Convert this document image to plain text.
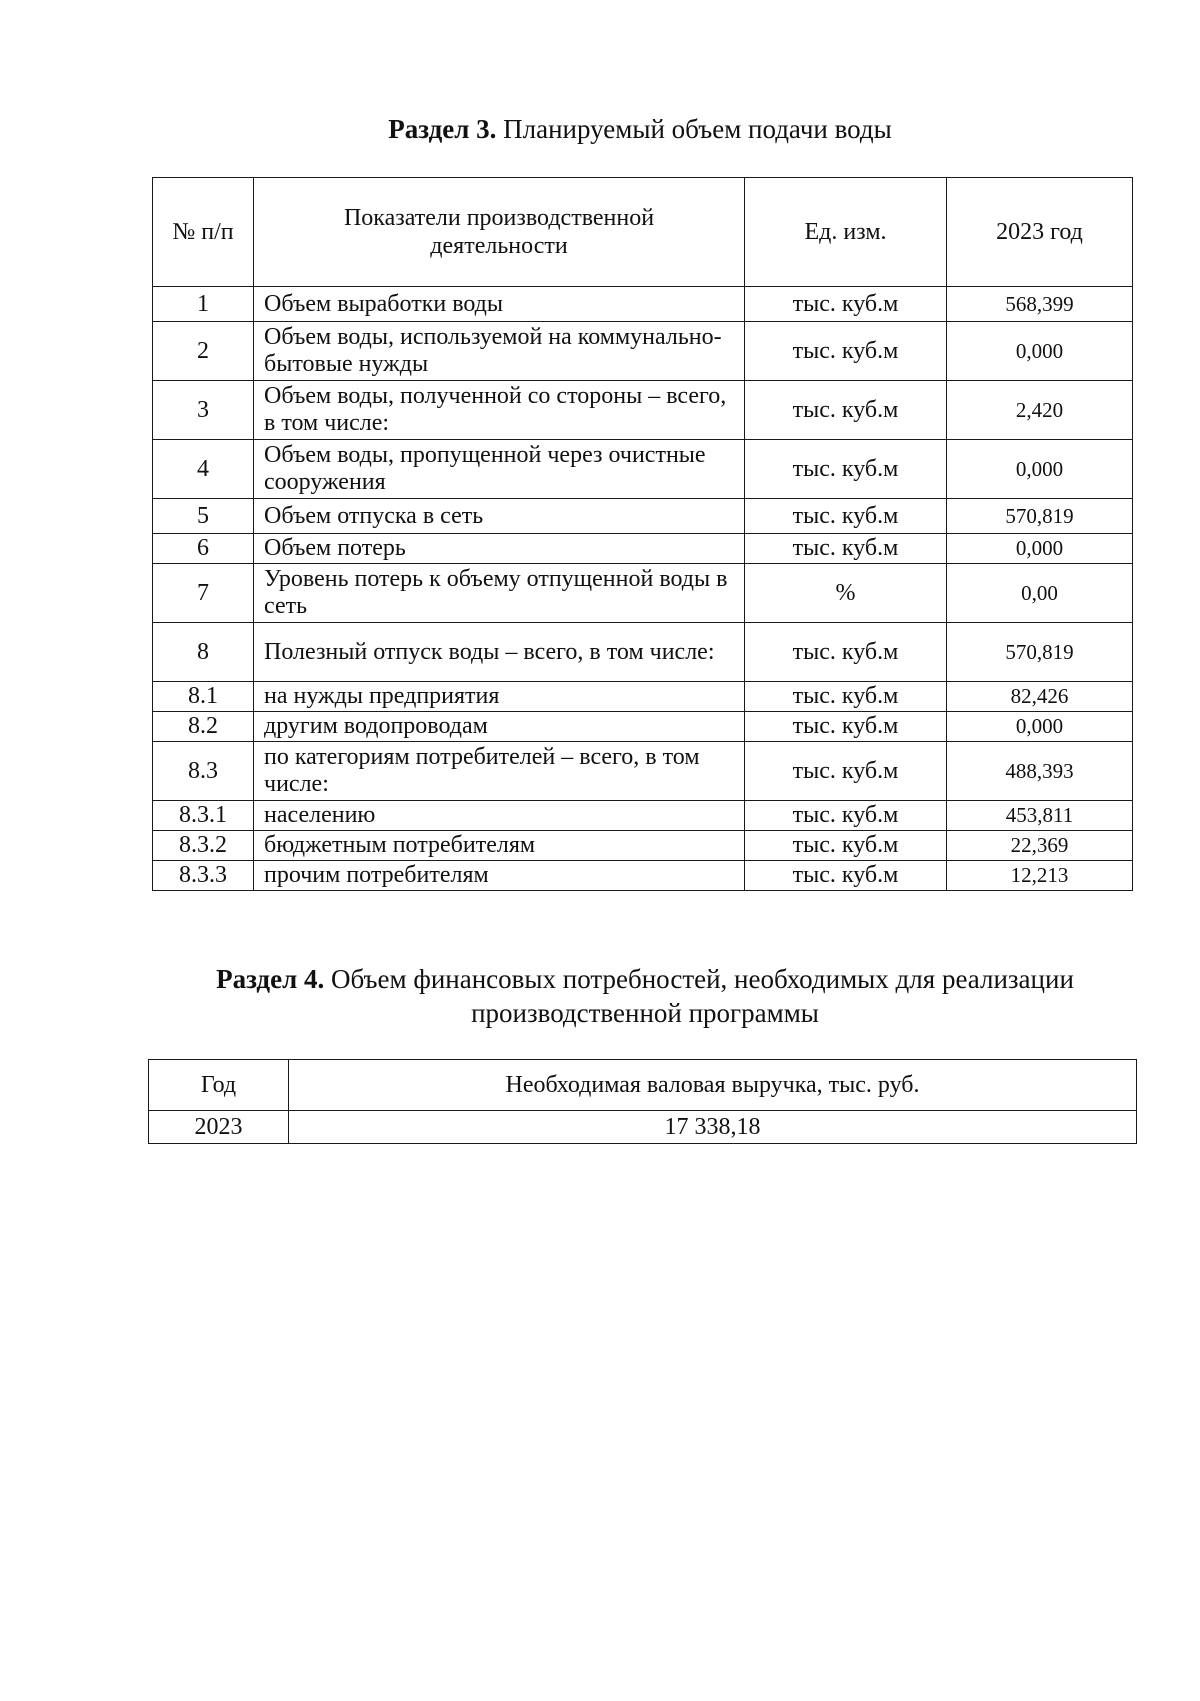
Раздел 3. Планируемый объем подачи воды
№ п/п	Показатели производственной деятельности	Ед. изм.	2023 год
1	Объем выработки воды	тыс. куб.м	568,399
2	Объем воды, используемой на коммунально-бытовые нужды	тыс. куб.м	0,000
3	Объем воды, полученной со стороны – всего, в том числе:	тыс. куб.м	2,420
4	Объем воды, пропущенной через очистные сооружения	тыс. куб.м	0,000
5	Объем отпуска в сеть	тыс. куб.м	570,819
6	Объем потерь	тыс. куб.м	0,000
7	Уровень потерь к объему отпущенной воды в сеть	%	0,00
8	Полезный отпуск воды – всего, в том числе:	тыс. куб.м	570,819
8.1	на нужды предприятия	тыс. куб.м	82,426
8.2	другим водопроводам	тыс. куб.м	0,000
8.3	по категориям потребителей – всего, в том числе:	тыс. куб.м	488,393
8.3.1	населению	тыс. куб.м	453,811
8.3.2	бюджетным потребителям	тыс. куб.м	22,369
8.3.3	прочим потребителям	тыс. куб.м	12,213
Раздел 4. Объем финансовых потребностей, необходимых для реализации
производственной программы
Год	Необходимая валовая выручка, тыс. руб.
2023	17 338,18
